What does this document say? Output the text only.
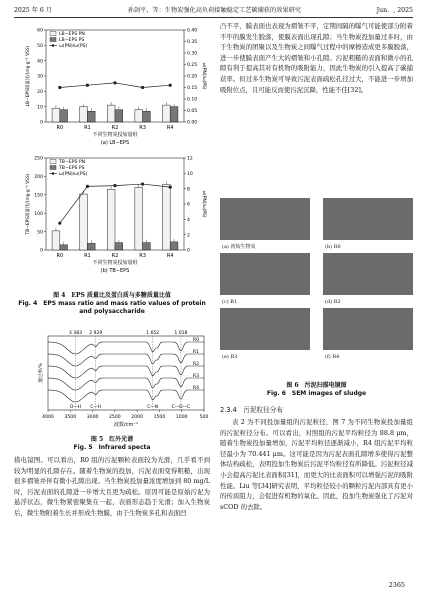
2025 年 6 月	孙剑平，等：生物炭强化高负荷接触稳定工艺碳捕获的效果研究	Jun．, 2025
0
10
20
30
40
50
60
0.00
0.05
0.10
0.15
0.20
0.25
0.30
0.35
0.40
R0	R1	R2	R3	R4
LB−EPS PN
LB−EPS PS
ω(PN)/ω(PS)
LB−EPS质量比/(mg·g⁻¹ VSS)	ω(PN)/ω(PS)
不同生物炭投加量组
(a) LB−EPS
0
50
100
150
200
250
0
2
4
6
8
10
12
R0	R1	R2	R3	R4
TB−EPS PN
TB−EPS PS
ω(PN)/ω(PS)
TB−EPS质量比/(mg·g⁻¹ VSS)	ω(PN)/ω(PS)
不同生物炭投加量组
(b) TB−EPS
图 4　EPS 质量比及蛋白质与多糖质量比值
Fig. 4　EPS mass ratio and mass ratio values of protein and polysaccharide
4000 3500 3000 2500 2000 1500 1000	500
R0
R1
R2
R3
R4
3 383 2 929	1 652	1 018
O—H C—H	C—N	C—O—C
透过率/%
波数/cm⁻¹
图 5　红外光谱
Fig. 5　Infrared specta
措电镜图。可以看出，R0 组的污泥颗粒表面较为光滑，几乎看不到较为明显的孔隙存在。随着生物炭的投加，污泥表面变得粗糙，出现很多褶皱并伴有微小孔隙出现。当生物炭投加量浓度增加到 80 mg/L 时，污泥表面的孔隙进一步增大且更为疏松。原因可能是原始污泥为悬浮状态，微生物紧密聚集在一起，表面形态趋于光滑；加入生物炭后，微生物附着生长并形成生物膜，由于生物炭多孔和表面凹
凸不平，膜表面也表现为褶皱不平，定期间隔的曝气可能使部分附着不牢的膜发生脱落，使膜表面出现孔隙；当生物炭投加量过多时，由于生物炭的团聚以及生物炭之间曝气过程中的摩擦造成更多膜脱落，进一步使膜表面产生大的褶皱和小孔隙。污泥粗糙的表面和微小的孔隙有利于提高其对有机物的吸附能力，因此生物炭的引入提高了碳捕获率。但过多生物炭可导致污泥表面疏松孔径过大，不能进一步增加吸附位点，且可能反而使污泥沉降，性能不佳[32]。
(a) 初始生物炭	(b) R0
(c) R1	(d) R2
(e) R3	(f) R4
图 6　污泥扫描电镜图
Fig. 6　SEM images of sludge
2.3.4　污泥粒径分布
表 2 为不同投加量组的污泥粒径，图 7 为不同生物炭投加量组的污泥粒径分布。可以看出，对照组的污泥平均粒径为 88.8 μm，随着生物炭投加量增加，污泥平均粒径逐渐减小，R4 组污泥平均粒径最小为 70.441 μm。这可能是因为污泥表面孔隙增多使得污泥整体结构疏松，表明投加生物炭后污泥平均粒径有所降低。污泥粒径减小会提高污泥比表面积[31]，而更大的比表面积可以增强污泥的吸附性能。Liu 等[34]研究表明，平均粒径较小的颗粒污泥内部具有更小的传质阻力，会促进有机物的氧化。因此，投加生物炭强化了污泥对 sCOD 的去除。
2365
